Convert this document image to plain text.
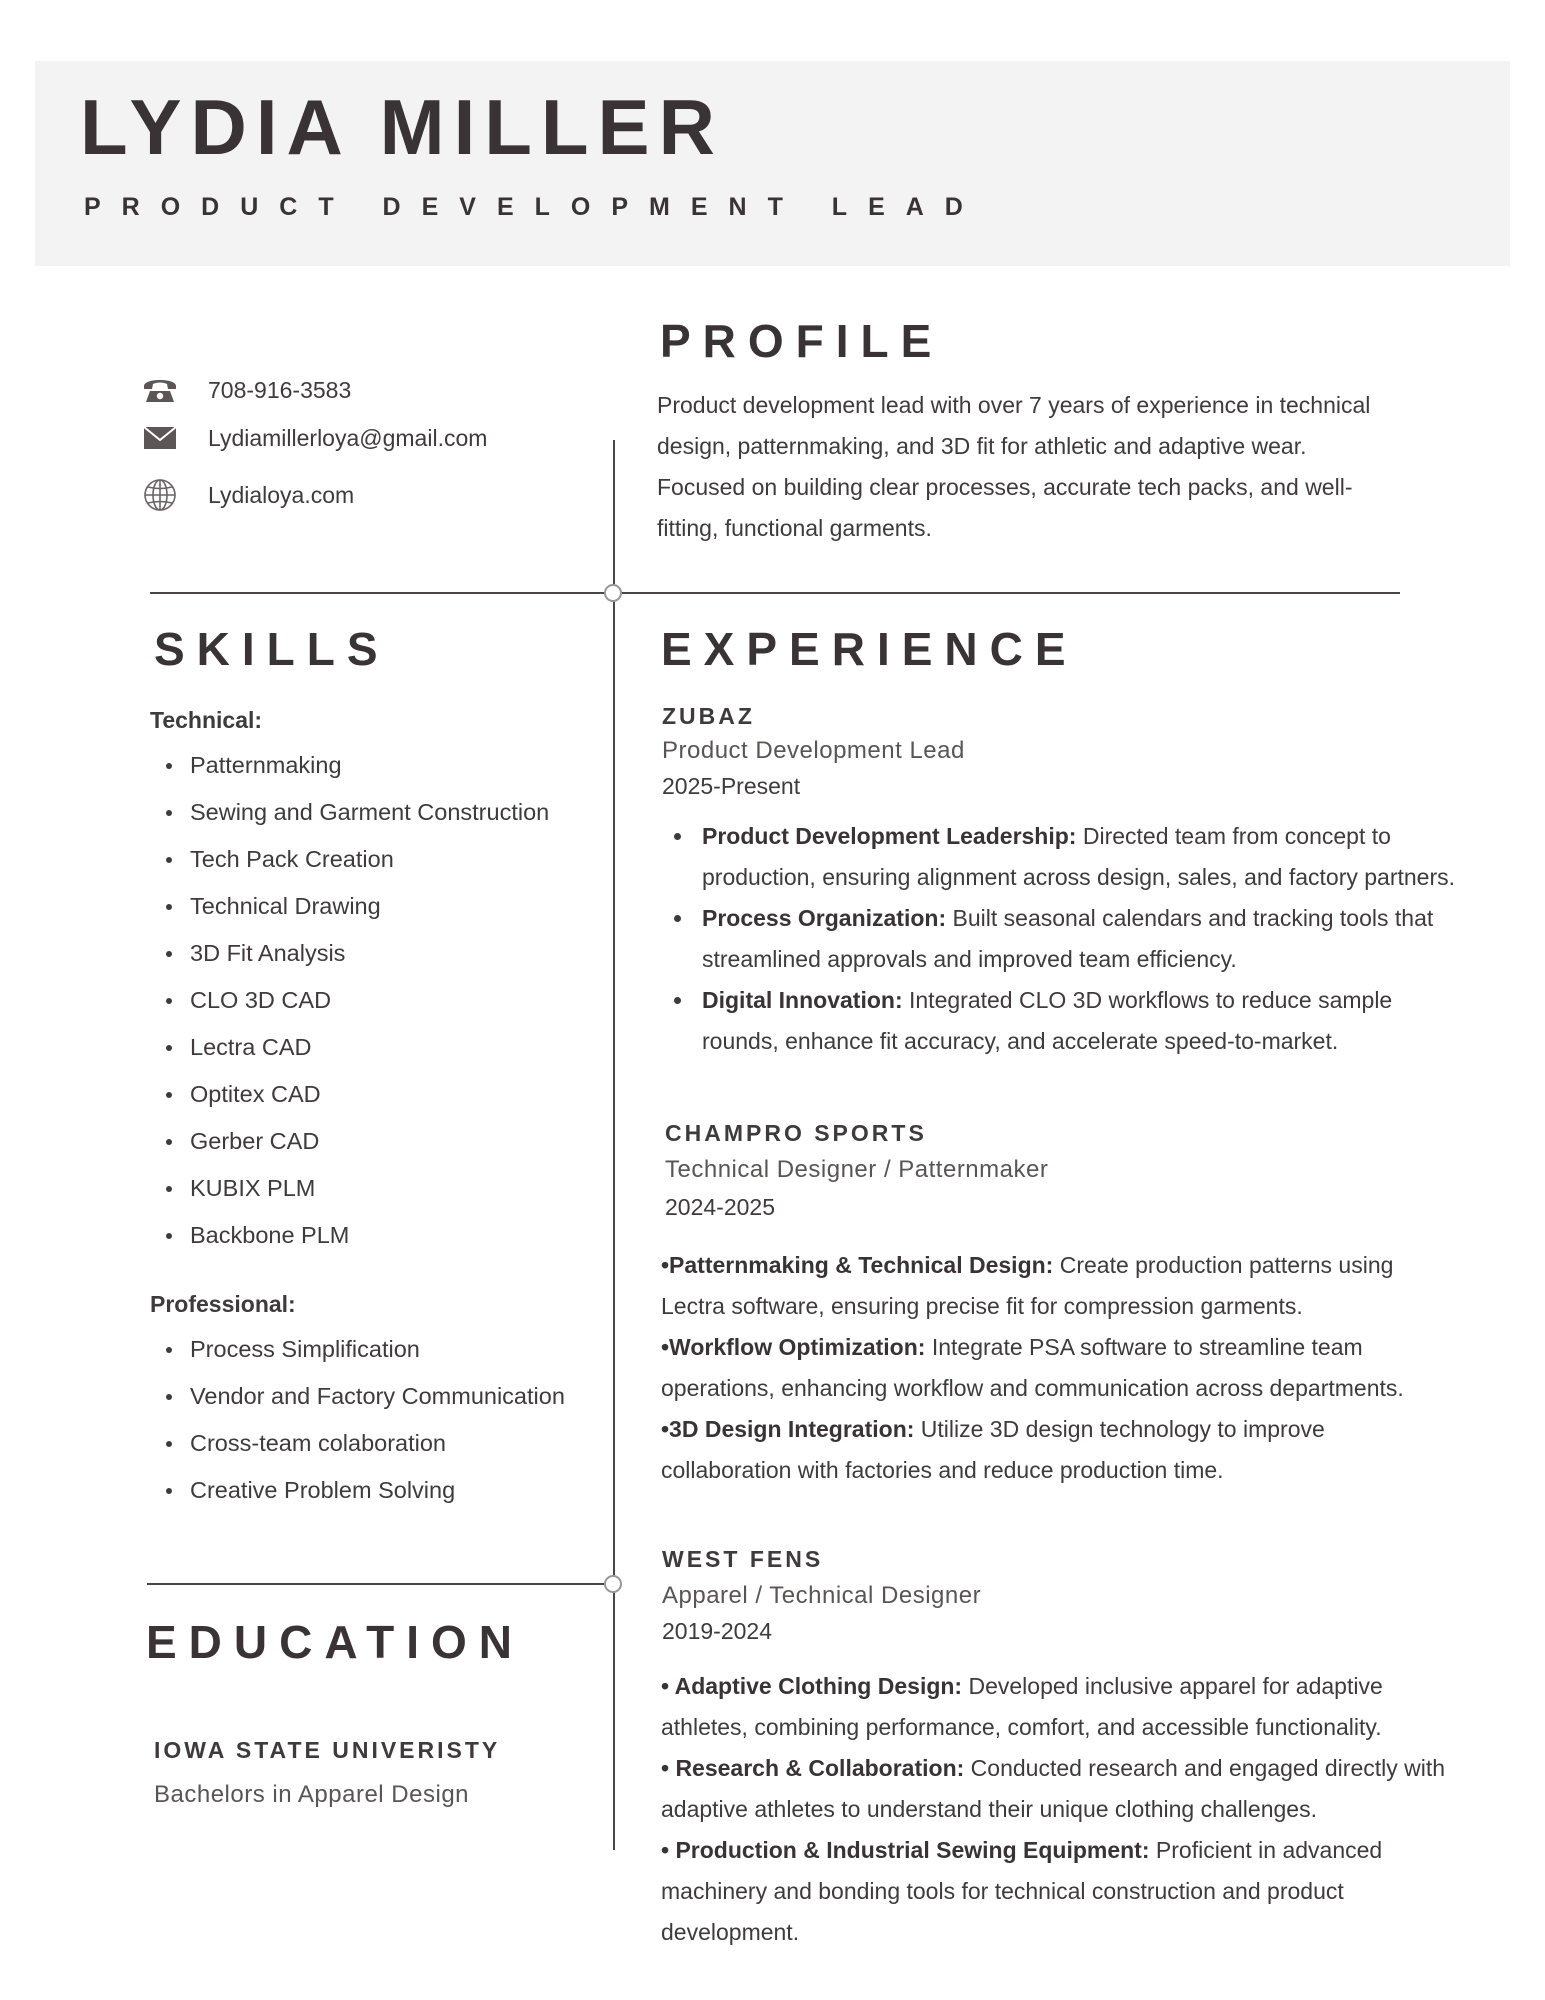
LYDIA MILLER
PRODUCT DEVELOPMENT LEAD
708-916-3583
Lydiamillerloya@gmail.com
Lydialoya.com
PROFILE
Product development lead with over 7 years of experience in technical
design, patternmaking, and 3D fit for athletic and adaptive wear.
Focused on building clear processes, accurate tech packs, and well-
fitting, functional garments.
SKILLS
Technical:
Patternmaking
Sewing and Garment Construction
Tech Pack Creation
Technical Drawing
3D Fit Analysis
CLO 3D CAD
Lectra CAD
Optitex CAD
Gerber CAD
KUBIX PLM
Backbone PLM
Professional:
Process Simplification
Vendor and Factory Communication
Cross-team colaboration
Creative Problem Solving
EDUCATION
IOWA STATE UNIVERISTY
Bachelors in Apparel Design
EXPERIENCE
ZUBAZ
Product Development Lead
2025-Present
Product Development Leadership: Directed team from concept to
production, ensuring alignment across design, sales, and factory partners.
Process Organization: Built seasonal calendars and tracking tools that
streamlined approvals and improved team efficiency.
Digital Innovation: Integrated CLO 3D workflows to reduce sample
rounds, enhance fit accuracy, and accelerate speed-to-market.
CHAMPRO SPORTS
Technical Designer / Patternmaker
2024-2025
•Patternmaking & Technical Design: Create production patterns using
Lectra software, ensuring precise fit for compression garments.
•Workflow Optimization: Integrate PSA software to streamline team
operations, enhancing workflow and communication across departments.
•3D Design Integration: Utilize 3D design technology to improve
collaboration with factories and reduce production time.
WEST FENS
Apparel / Technical Designer
2019-2024
• Adaptive Clothing Design: Developed inclusive apparel for adaptive
athletes, combining performance, comfort, and accessible functionality.
• Research & Collaboration: Conducted research and engaged directly with
adaptive athletes to understand their unique clothing challenges.
• Production & Industrial Sewing Equipment: Proficient in advanced
machinery and bonding tools for technical construction and product
development.
